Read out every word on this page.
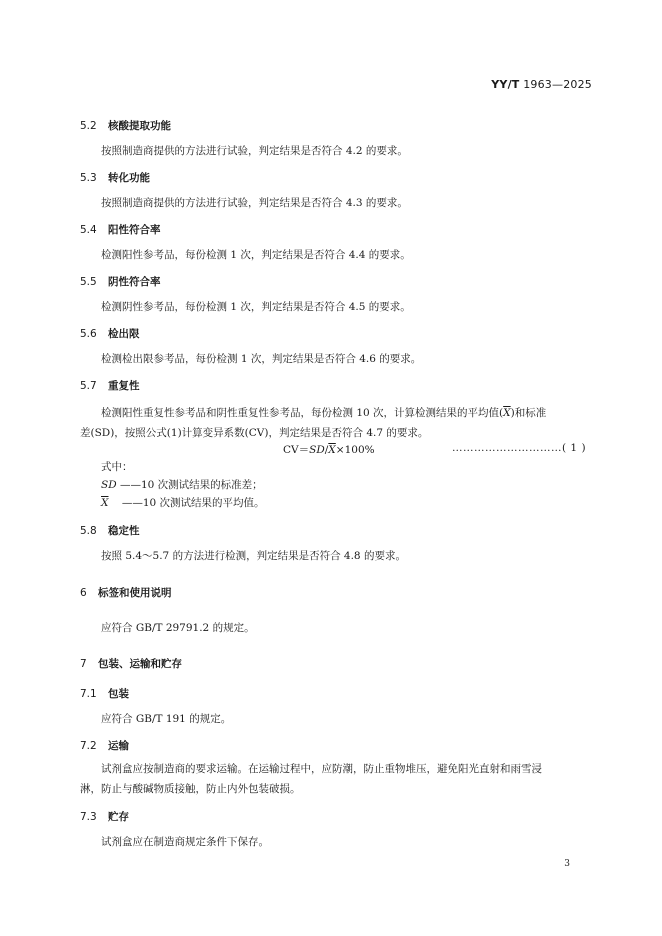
YY/T 1963—2025
5.2 核酸提取功能
按照制造商提供的方法进行试验，判定结果是否符合 4.2 的要求。
5.3 转化功能
按照制造商提供的方法进行试验，判定结果是否符合 4.3 的要求。
5.4 阳性符合率
检测阳性参考品，每份检测 1 次，判定结果是否符合 4.4 的要求。
5.5 阴性符合率
检测阴性参考品，每份检测 1 次，判定结果是否符合 4.5 的要求。
5.6 检出限
检测检出限参考品，每份检测 1 次，判定结果是否符合 4.6 的要求。
5.7 重复性
检测阳性重复性参考品和阴性重复性参考品，每份检测 10 次，计算检测结果的平均值$(\overline{X})$和标准
差(SD)，按照公式(1)计算变异系数(CV)，判定结果是否符合 4.7 的要求。
$CV=SD/\overline{X}\times 100\%$	…………………………( 1 )
式中：
SD ——10 次测试结果的标准差；
$\overline{X}$ ——10 次测试结果的平均值。
5.8 稳定性
按照 5.4～5.7 的方法进行检测，判定结果是否符合 4.8 的要求。
6 标签和使用说明
应符合 GB/T 29791.2 的规定。
7 包装、运输和贮存
7.1 包装
应符合 GB/T 191 的规定。
7.2 运输
试剂盒应按制造商的要求运输。在运输过程中，应防潮，防止重物堆压，避免阳光直射和雨雪浸
淋，防止与酸碱物质接触，防止内外包装破损。
7.3 贮存
试剂盒应在制造商规定条件下保存。
3
